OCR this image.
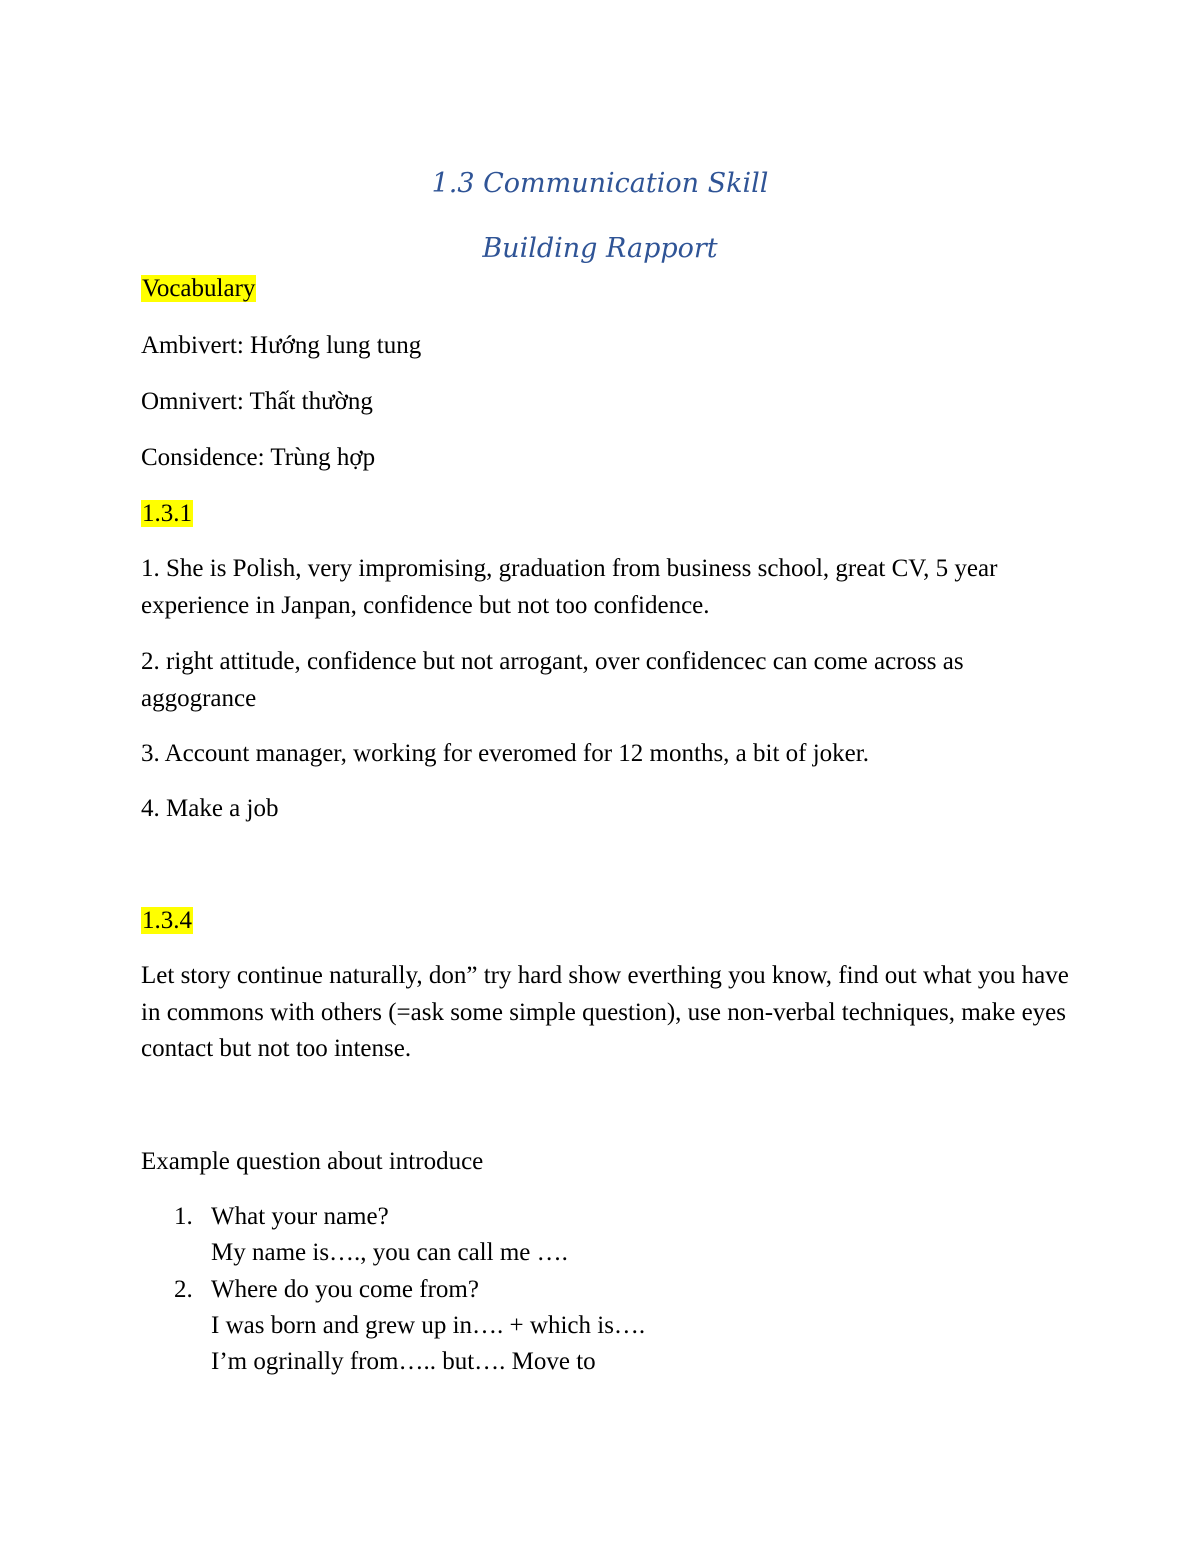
1.3 Communication Skill
Building Rapport
Vocabulary
Ambivert: Hướng lung tung
Omnivert: Thất thường
Considence: Trùng hợp
1.3.1
1. She is Polish, very impromising, graduation from business school, great CV, 5 year experience in Janpan, confidence but not too confidence.
2. right attitude, confidence but not arrogant, over confidencec can come across as aggogrance
3. Account manager, working for everomed for 12 months, a bit of joker.
4. Make a job
1.3.4
Let story continue naturally, don” try hard show everthing you know, find out what you have in commons with others (=ask some simple question), use non-verbal techniques, make eyes contact but not too intense.
Example question about introduce
1. What your name?
My name is…., you can call me ….
2. Where do you come from?
I was born and grew up in…. + which is….
I’m ogrinally from….. but…. Move to
